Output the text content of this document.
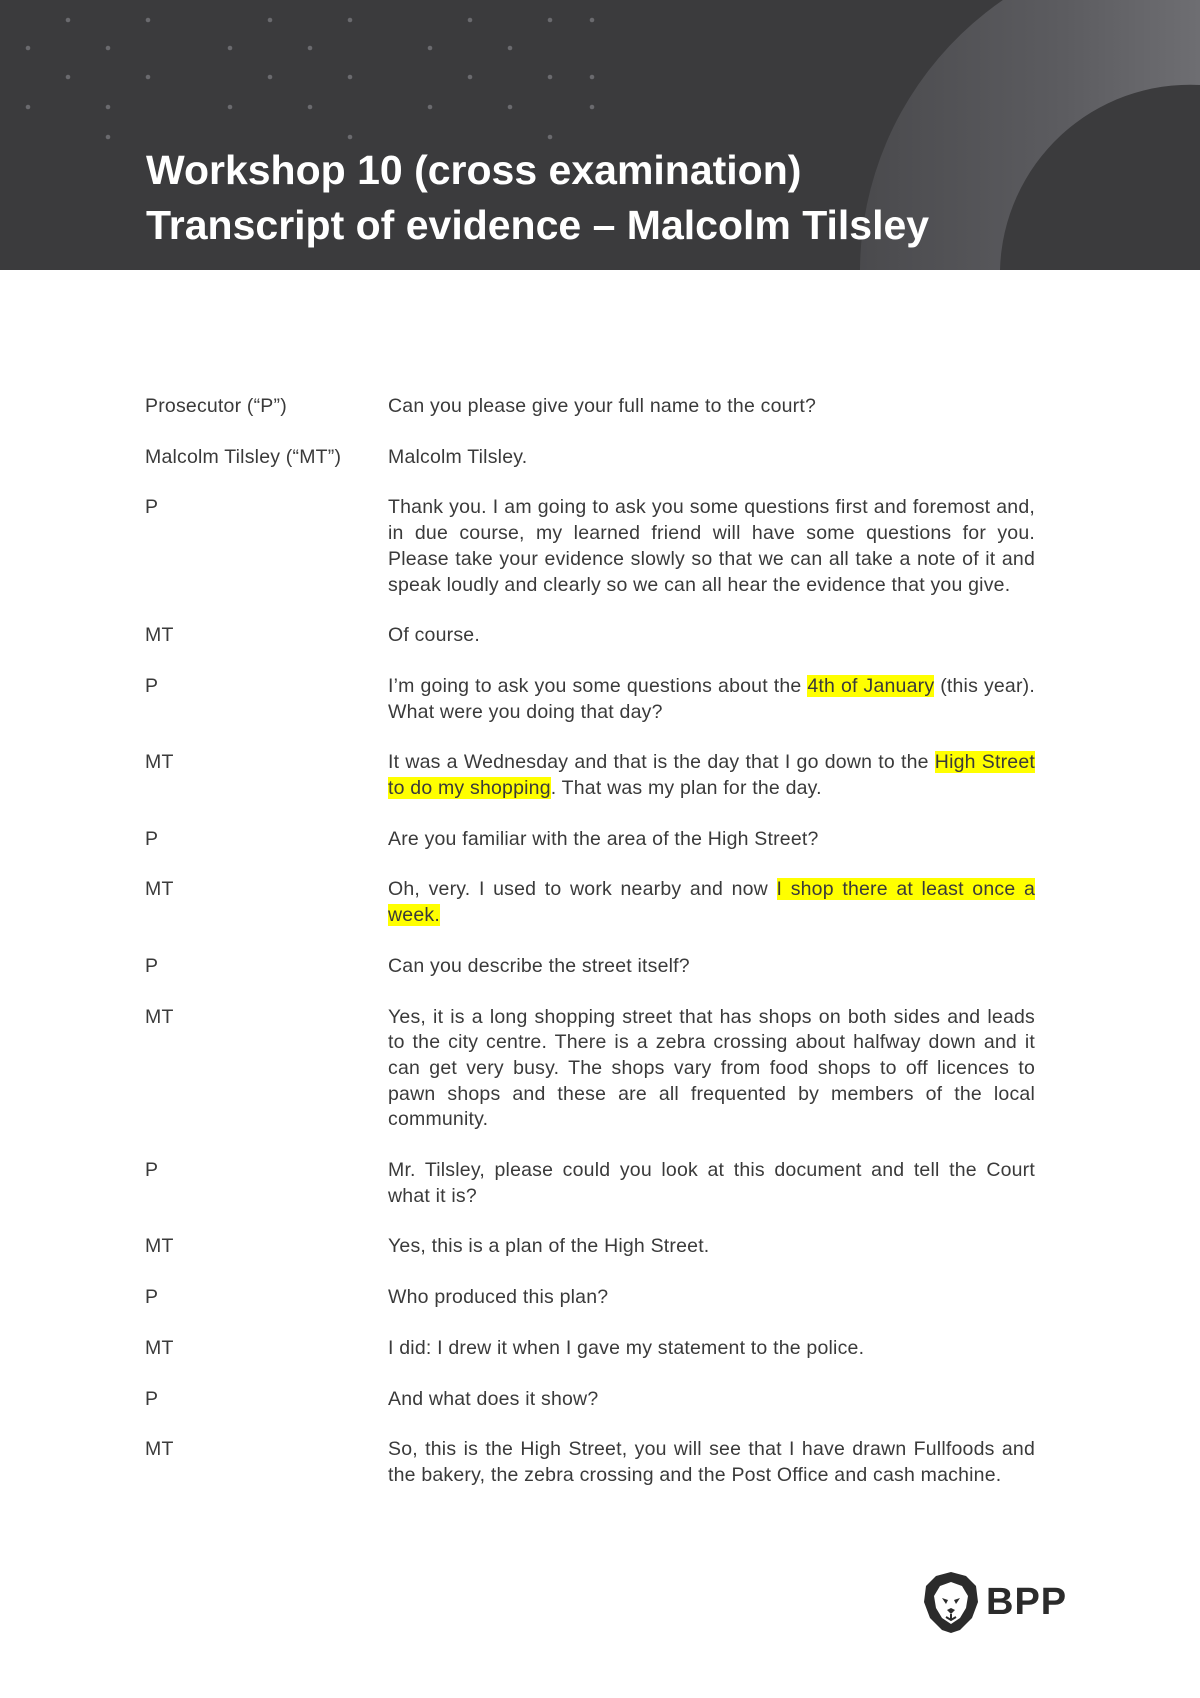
Workshop 10 (cross examination)
Transcript of evidence – Malcolm Tilsley
Prosecutor (“P”)	Can you please give your full name to the court?
Malcolm Tilsley (“MT”)	Malcolm Tilsley.
P	Thank you. I am going to ask you some questions first and foremost and, in due course, my learned friend will have some questions for you. Please take your evidence slowly so that we can all take a note of it and speak loudly and clearly so we can all hear the evidence that you give.
MT	Of course.
P	I’m going to ask you some questions about the 4th of January (this year). What were you doing that day?
MT	It was a Wednesday and that is the day that I go down to the High Street to do my shopping. That was my plan for the day.
P	Are you familiar with the area of the High Street?
MT	Oh, very. I used to work nearby and now I shop there at least once a week.
P	Can you describe the street itself?
MT	Yes, it is a long shopping street that has shops on both sides and leads to the city centre. There is a zebra crossing about halfway down and it can get very busy. The shops vary from food shops to off licences to pawn shops and these are all frequented by members of the local community.
P	Mr. Tilsley, please could you look at this document and tell the Court what it is?
MT	Yes, this is a plan of the High Street.
P	Who produced this plan?
MT	I did: I drew it when I gave my statement to the police.
P	And what does it show?
MT	So, this is the High Street, you will see that I have drawn Fullfoods and the bakery, the zebra crossing and the Post Office and cash machine.
BPP
